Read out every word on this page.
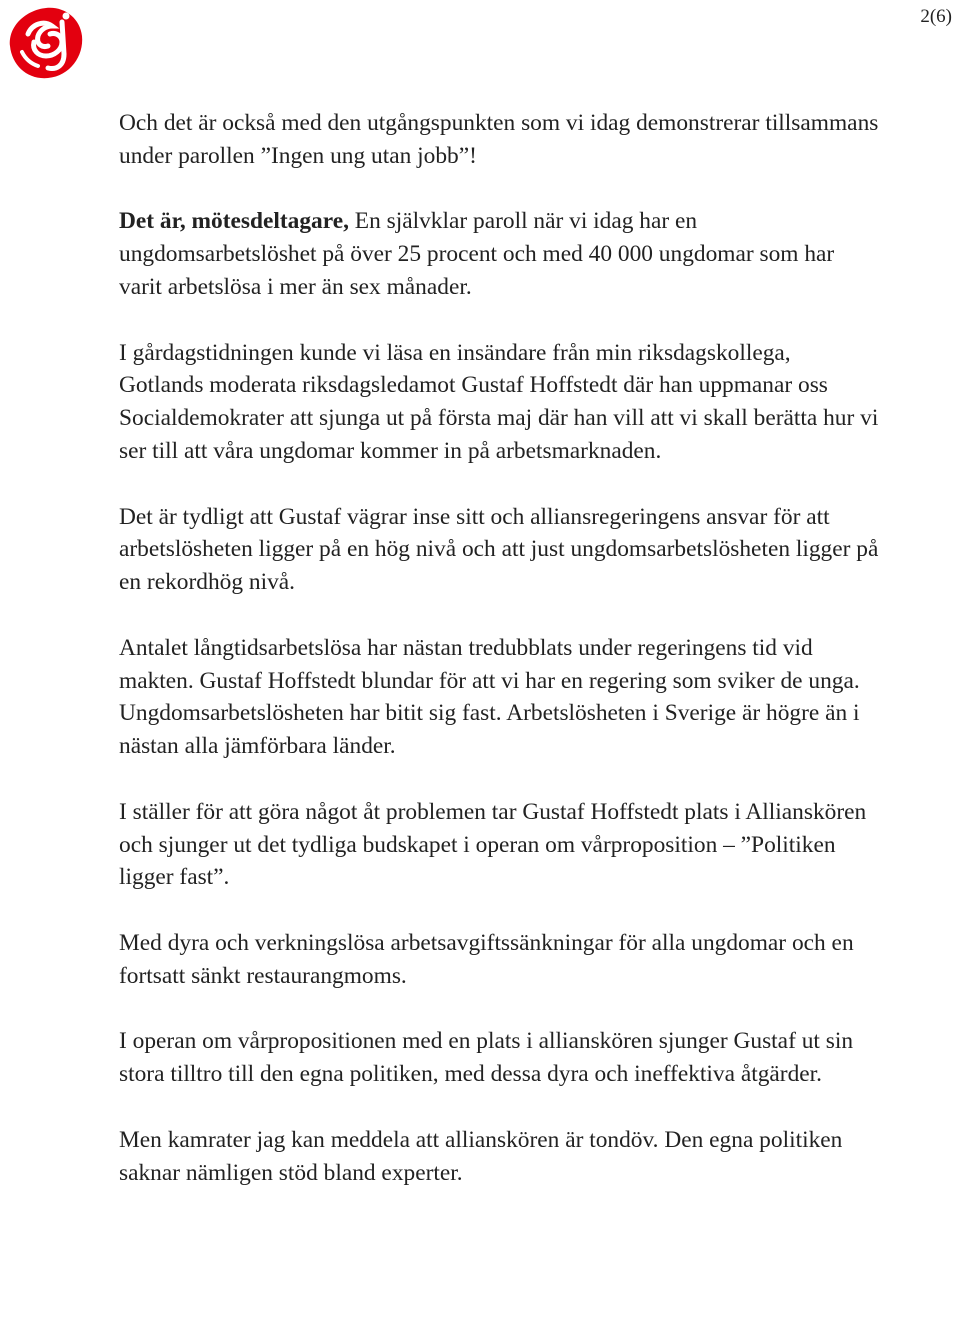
2(6)

Och det är också med den utgångspunkten som vi idag demonstrerar tillsammans under parollen ”Ingen ung utan jobb”!

Det är, mötesdeltagare, En självklar paroll när vi idag har en ungdomsarbetslöshet på över 25 procent och med 40 000 ungdomar som har varit arbetslösa i mer än sex månader.

I gårdagstidningen kunde vi läsa en insändare från min riksdagskollega, Gotlands moderata riksdagsledamot Gustaf Hoffstedt där han uppmanar oss Socialdemokrater att sjunga ut på första maj där han vill att vi skall berätta hur vi ser till att våra ungdomar kommer in på arbetsmarknaden.

Det är tydligt att Gustaf vägrar inse sitt och alliansregeringens ansvar för att arbetslösheten ligger på en hög nivå och att just ungdomsarbetslösheten ligger på en rekordhög nivå.

Antalet långtidsarbetslösa har nästan tredubblats under regeringens tid vid makten. Gustaf Hoffstedt blundar för att vi har en regering som sviker de unga. Ungdomsarbetslösheten har bitit sig fast. Arbetslösheten i Sverige är högre än i nästan alla jämförbara länder.

I ställer för att göra något åt problemen tar Gustaf Hoffstedt plats i Allianskören och sjunger ut det tydliga budskapet i operan om vårproposition – ”Politiken ligger fast”.

Med dyra och verkningslösa arbetsavgiftssänkningar för alla ungdomar och en fortsatt sänkt restaurangmoms.

I operan om vårpropositionen med en plats i allianskören sjunger Gustaf ut sin stora tilltro till den egna politiken, med dessa dyra och ineffektiva åtgärder.

Men kamrater jag kan meddela att allianskören är tondöv. Den egna politiken saknar nämligen stöd bland experter.
